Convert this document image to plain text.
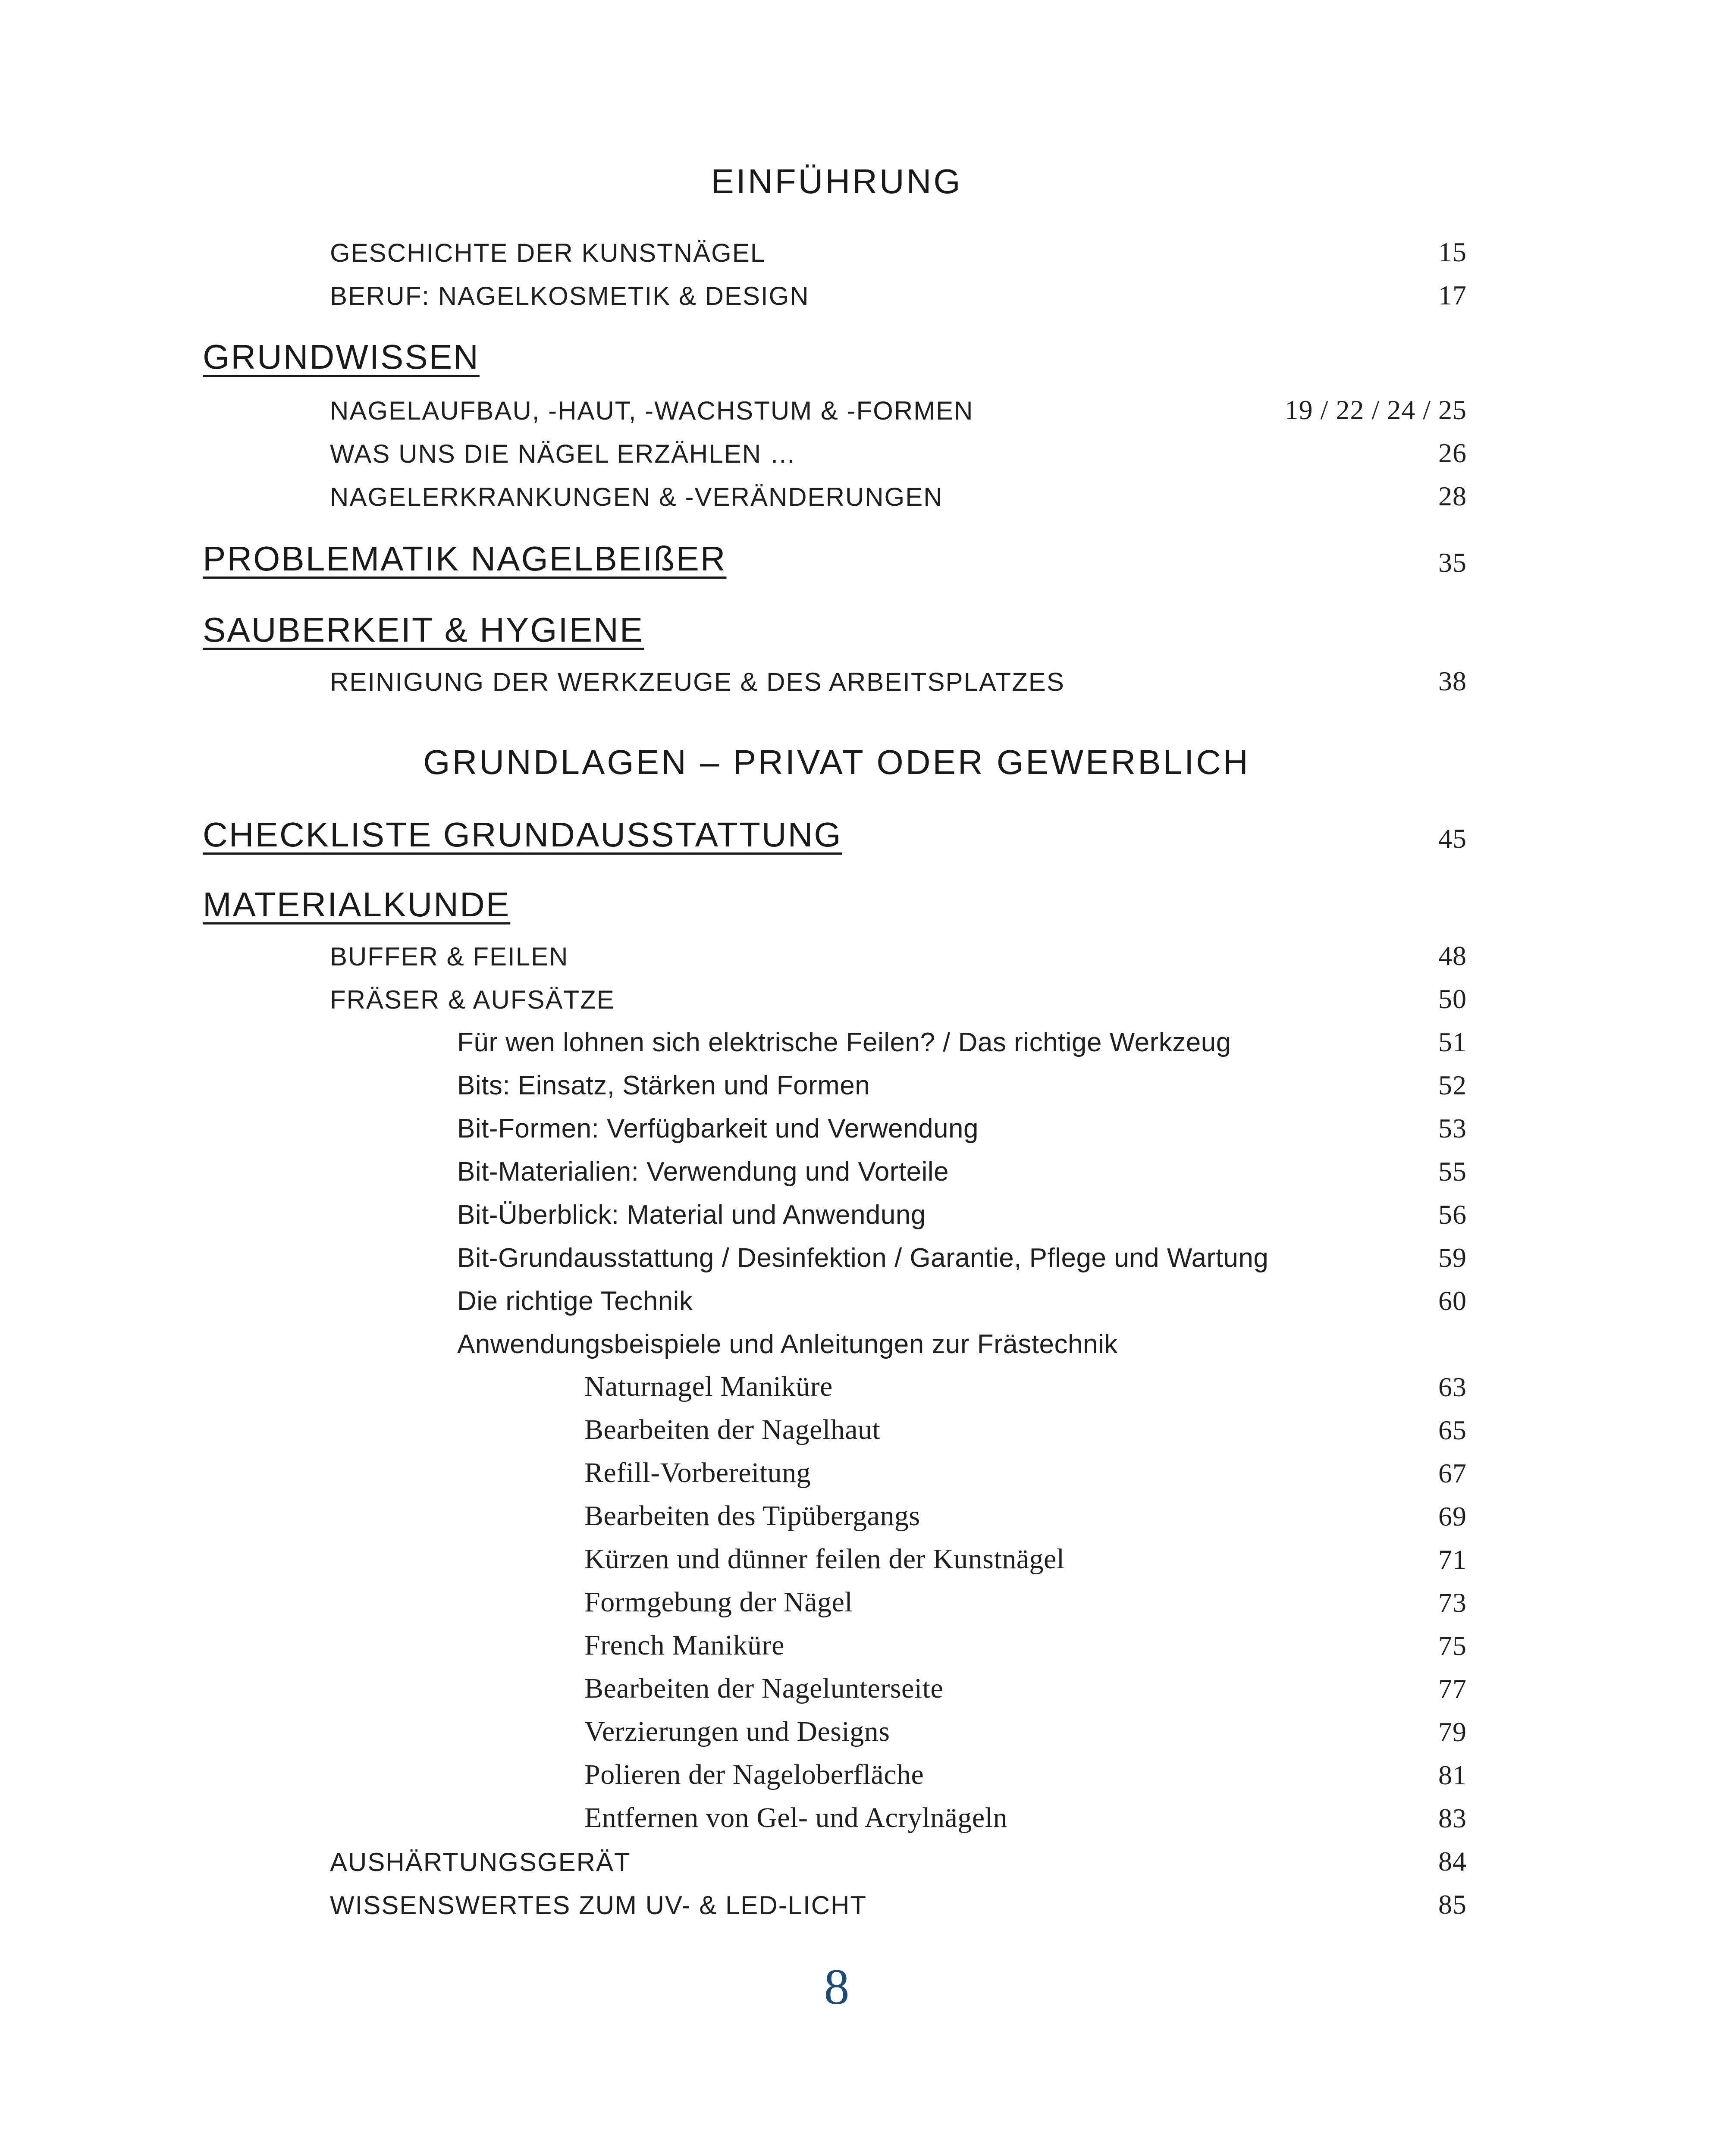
EINFÜHRUNG
GESCHICHTE DER KUNSTNÄGEL	15
BERUF: NAGELKOSMETIK & DESIGN	17
GRUNDWISSEN
NAGELAUFBAU, -HAUT, -WACHSTUM & -FORMEN	19 / 22 / 24 / 25
WAS UNS DIE NÄGEL ERZÄHLEN …	26
NAGELERKRANKUNGEN & -VERÄNDERUNGEN	28
PROBLEMATIK NAGELBEIßER	35
SAUBERKEIT & HYGIENE
REINIGUNG DER WERKZEUGE & DES ARBEITSPLATZES	38
GRUNDLAGEN – PRIVAT ODER GEWERBLICH
CHECKLISTE GRUNDAUSSTATTUNG	45
MATERIALKUNDE
BUFFER & FEILEN	48
FRÄSER & AUFSÄTZE	50
Für wen lohnen sich elektrische Feilen? / Das richtige Werkzeug	51
Bits: Einsatz, Stärken und Formen	52
Bit-Formen: Verfügbarkeit und Verwendung	53
Bit-Materialien: Verwendung und Vorteile	55
Bit-Überblick: Material und Anwendung	56
Bit-Grundausstattung / Desinfektion / Garantie, Pflege und Wartung	59
Die richtige Technik	60
Anwendungsbeispiele und Anleitungen zur Frästechnik
Naturnagel Maniküre	63
Bearbeiten der Nagelhaut	65
Refill-Vorbereitung	67
Bearbeiten des Tipübergangs	69
Kürzen und dünner feilen der Kunstnägel	71
Formgebung der Nägel	73
French Maniküre	75
Bearbeiten der Nagelunterseite	77
Verzierungen und Designs	79
Polieren der Nageloberfläche	81
Entfernen von Gel- und Acrylnägeln	83
AUSHÄRTUNGSGERÄT	84
WISSENSWERTES ZUM UV- & LED-LICHT	85
8
